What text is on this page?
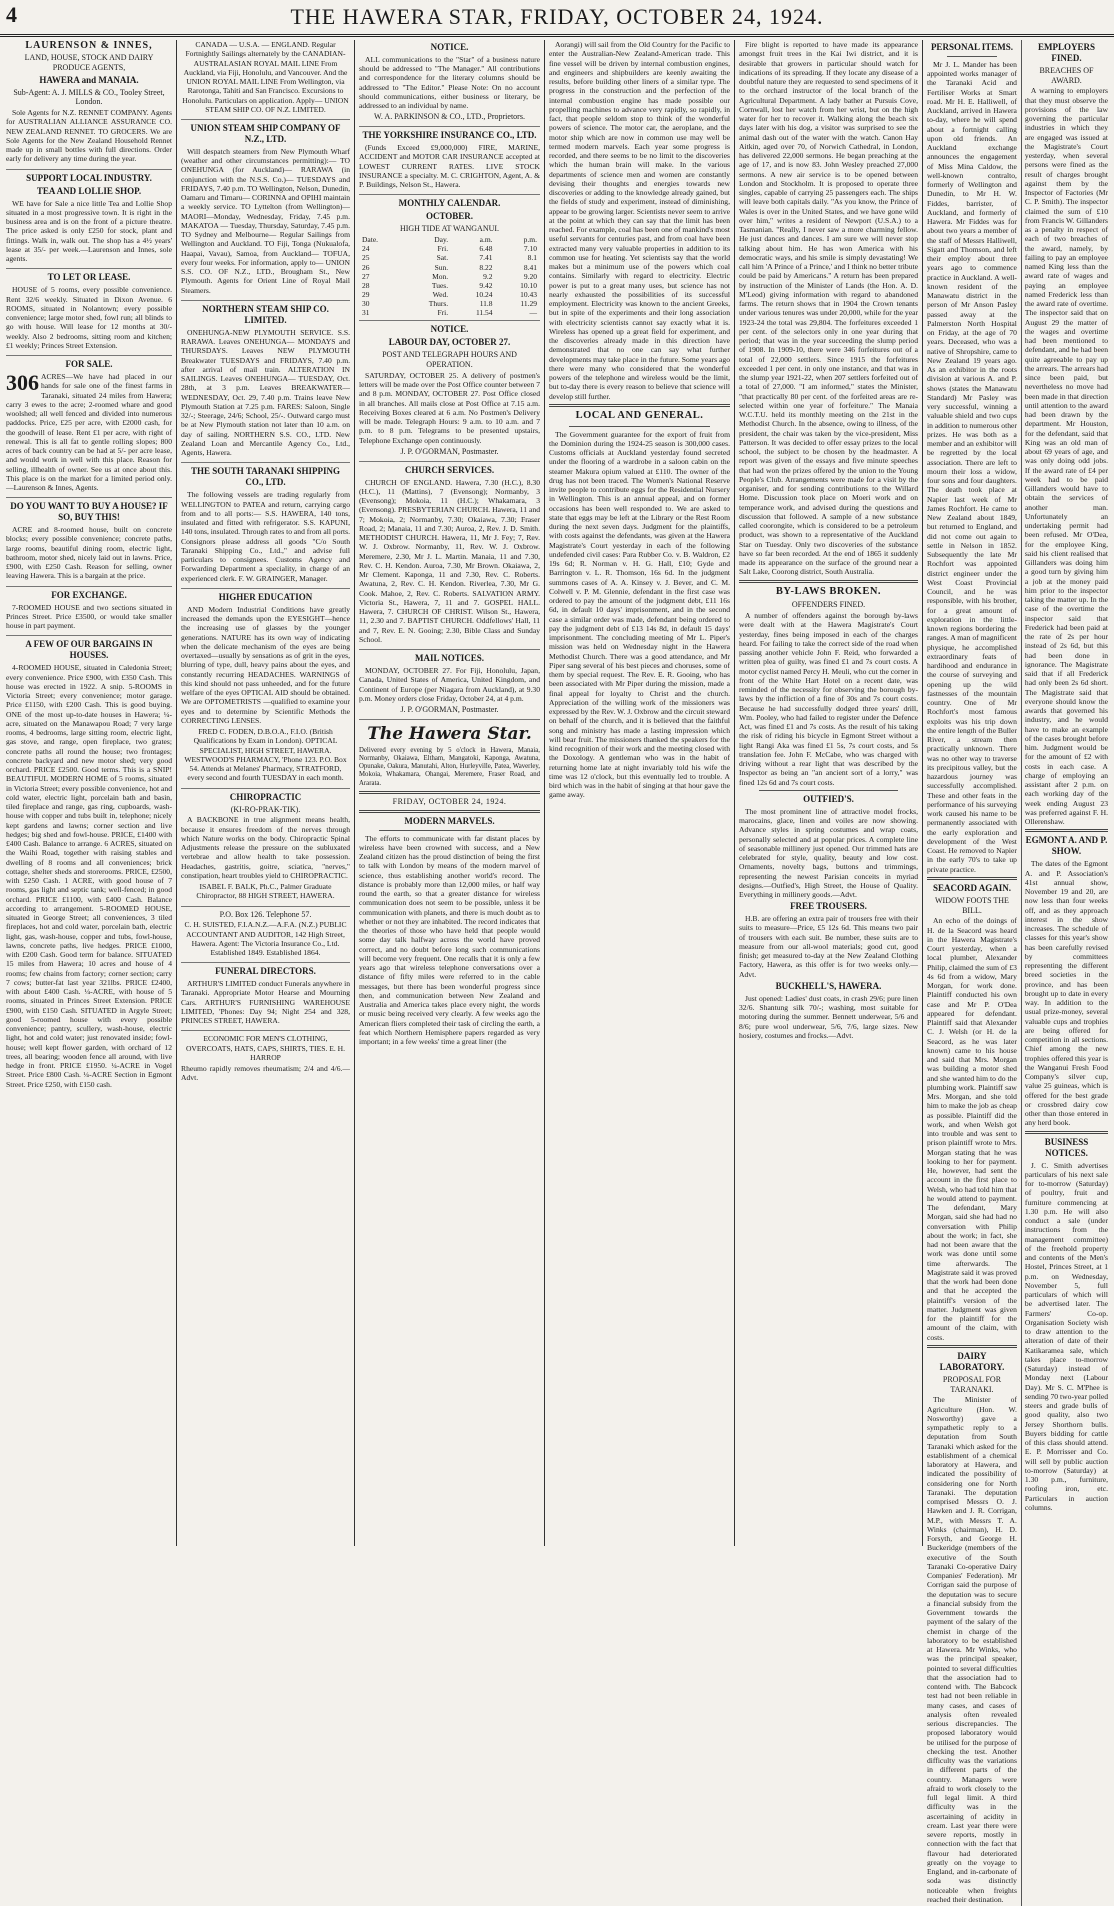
4	THE HAWERA STAR, FRIDAY, OCTOBER 24, 1924.
LAURENSON & INNES,
LAND, HOUSE, STOCK AND DAIRY PRODUCE AGENTS,
HAWERA and MANAIA.
Sub-Agent: A. J. MILLS & CO., Tooley Street, London.

Sole Agents for N.Z. RENNET COMPANY. Agents for AUSTRALIAN ALLIANCE ASSURANCE CO. NEW ZEALAND RENNET. TO GROCERS. We are Sole Agents for the New Zealand Household Rennet made up in small bottles with full directions. Order early for delivery any time during the year.

SUPPORT LOCAL INDUSTRY.
TEA AND LOLLIE SHOP.

WE have for Sale a nice little Tea and Lollie Shop situated in a most progressive town. It is right in the business area and is on the front of a picture theatre. The price asked is only £250 for stock, plant and fittings. Walk in, walk out. The shop has a 4½ years' lease at 35/- per week.—Laurenson and Innes, sole agents.

TO LET OR LEASE.

HOUSE of 5 rooms, every possible convenience. Rent 32/6 weekly. Situated in Dixon Avenue. 6 ROOMS, situated in Nolantown; every possible convenience; large motor shed, fowl run; all blinds to go with house. Will lease for 12 months at 30/- weekly. Also 2 bedrooms, sitting room and kitchen; £1 weekly; Princes Street Extension.

FOR SALE.
306 ACRES—We have had placed in our hands for sale one of the finest farms in Taranaki, situated 24 miles from Hawera; carry 3 ewes to the acre; 2-roomed whare and good woolshed; all well fenced and divided into numerous paddocks. Price, £25 per acre, with £2000 cash, for the goodwill of lease. Rent £1 per acre, with right of renewal. This is all fat to gentle rolling slopes; 800 acres of back country can be had at 5/- per acre lease, and would work in well with this place. Reason for selling, illhealth of owner. See us at once about this. This place is on the market for a limited period only.—Laurenson & Innes, Agents.

DO YOU WANT TO BUY A HOUSE? IF SO, BUY THIS!

ACRE and 8-roomed house, built on concrete blocks; every possible convenience; concrete paths, large rooms, beautiful dining room, electric light, bathroom, motor shed, nicely laid out in lawns. Price, £900, with £250 Cash. Reason for selling, owner leaving Hawera. This is a bargain at the price.

FOR EXCHANGE.

7-ROOMED HOUSE and two sections situated in Princes Street. Price £3500, or would take smaller house in part payment.

A FEW OF OUR BARGAINS IN HOUSES.

4-ROOMED HOUSE, situated in Caledonia Street; every convenience. Price £900, with £350 Cash. This house was erected in 1922. A snip. 5-ROOMS in Victoria Street; every convenience; motor garage. Price £1150, with £200 Cash. This is good buying. ONE of the most up-to-date houses in Hawera; ¼-acre, situated on the Manawapou Road; 7 very large rooms, 4 bedrooms, large sitting room, electric light, gas stove, and range, open fireplace, two grates; concrete paths all round the house; two frontages; concrete backyard and new motor shed; very good orchard. PRICE £2500. Good terms. This is a SNIP! BEAUTIFUL MODERN HOME of 5 rooms, situated in Victoria Street; every possible convenience, hot and cold water, electric light, porcelain bath and basin, tiled fireplace and range, gas ring, cupboards, wash-house with copper and tubs built in, telephone; nicely kept gardens and lawns; corner section and live hedges; big shed and fowl-house. PRICE, £1400 with £400 Cash. Balance to arrange. 6 ACRES, situated on the Waihi Road, together with raising stables and dwelling of 8 rooms and all conveniences; brick cottage, shelter sheds and storerooms. PRICE, £2500, with £250 Cash. 1 ACRE, with good house of 7 rooms, gas light and septic tank; well-fenced; in good orchard. PRICE £1100, with £400 Cash. Balance according to arrangement. 5-ROOMED HOUSE, situated in George Street; all conveniences, 3 tiled fireplaces, hot and cold water, porcelain bath, electric light, gas, wash-house, copper and tubs, fowl-house, lawns, concrete paths, live hedges. PRICE £1000, with £200 Cash. Good term for balance. SITUATED 15 miles from Hawera; 10 acres and house of 4 rooms; few chains from factory; corner section; carry 7 cows; butter-fat last year 321lbs. PRICE £2400, with about £400 Cash. ¼-ACRE, with house of 5 rooms, situated in Princes Street Extension. PRICE £900, with £150 Cash. SITUATED in Argyle Street; good 5-roomed house with every possible convenience; pantry, scullery, wash-house, electric light, hot and cold water; just renovated inside; fowl-house; well kept flower garden, with orchard of 12 trees, all bearing; wooden fence all around, with live hedge in front. PRICE £1950. ¼-ACRE in Vogel Street. Price £800 Cash. ¼-ACRE Section in Egmont Street. Price £250, with £150 cash.

CANADA — U.S.A. — ENGLAND. Regular Fortnightly Sailings alternately by the CANADIAN-AUSTRALASIAN ROYAL MAIL LINE From Auckland, via Fiji, Honolulu, and Vancouver. And the UNION ROYAL MAIL LINE From Wellington, via Rarotonga, Tahiti and San Francisco. Excursions to Honolulu. Particulars on application. Apply— UNION STEAM SHIP CO. OF N.Z. LIMITED.

UNION STEAM SHIP COMPANY OF N.Z., LTD.

Will despatch steamers from New Plymouth Wharf (weather and other circumstances permitting):— TO ONEHUNGA (for Auckland)— RARAWA (in conjunction with the N.S.S. Co.)— TUESDAYS and FRIDAYS, 7.40 p.m. TO Wellington, Nelson, Dunedin, Oamaru and Timaru— CORINNA and OPIHI maintain a weekly service. TO Lyttelton (from Wellington)— MAORI—Monday, Wednesday, Friday, 7.45 p.m. MAKATOA — Tuesday, Thursday, Saturday, 7.45 p.m. TO Sydney and Melbourne— Regular Sailings from Wellington and Auckland. TO Fiji, Tonga (Nukualofa, Haapai, Vavau), Samoa, from Auckland— TOFUA, every four weeks. For information, apply to— UNION S.S. CO. OF N.Z., LTD., Brougham St., New Plymouth. Agents for Orient Line of Royal Mail Steamers.

NORTHERN STEAM SHIP CO. LIMITED.

ONEHUNGA-NEW PLYMOUTH SERVICE. S.S. RARAWA. Leaves ONEHUNGA— MONDAYS and THURSDAYS. Leaves NEW PLYMOUTH Breakwater TUESDAYS and FRIDAYS, 7.40 p.m. after arrival of mail train. ALTERATION IN SAILINGS. Leaves ONEHUNGA— TUESDAY, Oct. 28th, at 3 p.m. Leaves BREAKWATER— WEDNESDAY, Oct. 29, 7.40 p.m. Trains leave New Plymouth Station at 7.25 p.m. FARES: Saloon, Single 32/-; Steerage, 24/6; School, 25/-. Outward cargo must be at New Plymouth station not later than 10 a.m. on day of sailing. NORTHERN S.S. CO., LTD. New Zealand Loan and Mercantile Agency Co., Ltd., Agents, Hawera.

THE SOUTH TARANAKI SHIPPING CO., LTD.

The following vessels are trading regularly from WELLINGTON to PATEA and return, carrying cargo from and to all ports:— S.S. HAWERA, 140 tons, insulated and fitted with refrigerator. S.S. KAPUNI, 140 tons, insulated. Through rates to and from all ports. Consignors please address all goods "C/o South Taranaki Shipping Co., Ltd.," and advise full particulars to consignees. Customs Agency and Forwarding Department a speciality, in charge of an experienced clerk. F. W. GRAINGER, Manager.

HIGHER EDUCATION

AND Modern Industrial Conditions have greatly increased the demands upon the EYESIGHT—hence the increasing use of glasses by the younger generations. NATURE has its own way of indicating when the delicate mechanism of the eyes are being overtaxed—usually by sensations as of grit in the eyes, blurring of type, dull, heavy pains about the eyes, and constantly recurring HEADACHES. WARNINGS of this kind should not pass unheeded, and for the future welfare of the eyes OPTICAL AID should be obtained. We are OPTOMETRISTS —qualified to examine your eyes and to determine by Scientific Methods the CORRECTING LENSES.

FRED C. FODEN, D.B.O.A., F.I.O. (British Qualifications by Exam in London). OPTICAL SPECIALIST, HIGH STREET, HAWERA. WESTWOOD'S PHARMACY, 'Phone 123. P.O. Box 54. Attends at Melanes' Pharmacy, STRATFORD, every second and fourth TUESDAY in each month.

CHIROPRACTIC
(KI-RO-PRAK-TIK).

A BACKBONE in true alignment means health, because it ensures freedom of the nerves through which Nature works on the body. Chiropractic Spinal Adjustments release the pressure on the subluxated vertebrae and allow health to take possession. Headaches, gastritis, goitre, sciatica, "nerves," constipation, heart troubles yield to CHIROPRACTIC.

ISABEL F. BALK, Ph.C., Palmer Graduate Chiropractor, 88 HIGH STREET, HAWERA.

P.O. Box 126. Telephone 57.

C. H. SUISTED, F.I.A.N.Z.—A.F.A. (N.Z.) PUBLIC ACCOUNTANT AND AUDITOR, 142 High Street, Hawera. Agent: The Victoria Insurance Co., Ltd. Established 1849. Established 1864.

FUNERAL DIRECTORS.

ARTHUR'S LIMITED conduct Funerals anywhere in Taranaki. Appropriate Motor Hearse and Mourning Cars. ARTHUR'S FURNISHING WAREHOUSE LIMITED, 'Phones: Day 94; Night 254 and 328, PRINCES STREET, HAWERA.

ECONOMIC FOR MEN'S CLOTHING, OVERCOATS, HATS, CAPS, SHIRTS, TIES. E. H. HARROP

Rheumo rapidly removes rheumatism; 2/4 and 4/6.—Advt.

NOTICE.

ALL communications to the "Star" of a business nature should be addressed to "The Manager." All contributions and correspondence for the literary columns should be addressed to "The Editor." Please Note: On no account should communications, either business or literary, be addressed to an individual by name.

W. A. PARKINSON & CO., LTD., Proprietors.
THE YORKSHIRE INSURANCE CO., LTD.

(Funds Exceed £9,000,000) FIRE, MARINE, ACCIDENT and MOTOR CAR INSURANCE accepted at LOWEST CURRENT RATES. LIVE STOCK INSURANCE a specialty. M. C. CRIGHTON, Agent, A. & P. Buildings, Nelson St., Hawera.

MONTHLY CALENDAR.
OCTOBER.
HIGH TIDE AT WANGANUI.
Date.	Day.	a.m.	p.m.
24	Fri.	6.48	7.10
25	Sat.	7.41	8.1
26	Sun.	8.22	8.41
27	Mon.	9.2	9.20
28	Tues.	9.42	10.10
29	Wed.	10.24	10.43
30	Thurs.	11.8	11.29
31	Fri.	11.54	—
NOTICE.
LABOUR DAY, OCTOBER 27.
POST AND TELEGRAPH HOURS AND OPERATION.

SATURDAY, OCTOBER 25. A delivery of postmen's letters will be made over the Post Office counter between 7 and 8 p.m. MONDAY, OCTOBER 27. Post Office closed in all branches. All mails close at Post Office at 7.15 a.m. Receiving Boxes cleared at 6 a.m. No Postmen's Delivery will be made. Telegraph Hours: 9 a.m. to 10 a.m. and 7 p.m. to 8 p.m. Telegrams to be presented upstairs, Telephone Exchange open continuously.

J. P. O'GORMAN, Postmaster.
CHURCH SERVICES.

CHURCH OF ENGLAND. Hawera, 7.30 (H.C.), 8.30 (H.C.), 11 (Mattins), 7 (Evensong); Normanby, 3 (Evensong); Mokoia, 11 (H.C.); Whakamara, 3 (Evensong). PRESBYTERIAN CHURCH. Hawera, 11 and 7; Mokoia, 2; Normanby, 7.30; Okaiawa, 7.30; Fraser Road, 2; Manaia, 11 and 7.30; Auroa, 2, Rev. J. D. Smith. METHODIST CHURCH. Hawera, 11, Mr J. Fey; 7, Rev. W. J. Oxbrow. Normanby, 11, Rev. W. J. Oxbrow. Meremere, 2.30, Mr J. L. Martin. Manaia, 11 and 7.30, Rev. C. H. Kendon. Auroa, 7.30, Mr Brown. Okaiawa, 2, Mr Clement. Kaponga, 11 and 7.30, Rev. C. Roberts. Awatuna, 2, Rev. C. H. Kendon. Riverlea, 7.30, Mr G. Cook. Mahoe, 2, Rev. C. Roberts. SALVATION ARMY. Victoria St., Hawera, 7, 11 and 7. GOSPEL HALL. Hawera, 7. CHURCH OF CHRIST. Wilson St., Hawera, 11, 2.30 and 7. BAPTIST CHURCH. Oddfellows' Hall, 11 and 7, Rev. E. N. Gooing; 2.30, Bible Class and Sunday School.

MAIL NOTICES.

MONDAY, OCTOBER 27. For Fiji, Honolulu, Japan, Canada, United States of America, United Kingdom, and Continent of Europe (per Niagara from Auckland), at 9.30 p.m. Money orders close Friday, October 24, at 4 p.m.

J. P. O'GORMAN, Postmaster.
The Hawera Star.

Delivered every evening by 5 o'clock in Hawera, Manaia, Normanby, Okaiawa, Eltham, Mangatoki, Kaponga, Awatuna, Opunake, Oakura, Manutahi, Alton, Hurleyville, Patea, Waverley, Mokoia, Whakamara, Ohangai, Meremere, Fraser Road, and Ararata.

FRIDAY, OCTOBER 24, 1924.
MODERN MARVELS.

The efforts to communicate with far distant places by wireless have been crowned with success, and a New Zealand citizen has the proud distinction of being the first to talk with London by means of the modern marvel of science, thus establishing another world's record. The distance is probably more than 12,000 miles, or half way round the earth, so that a greater distance for wireless communication does not seem to be possible, unless it be communication with planets, and there is much doubt as to whether or not they are inhabited. The record indicates that the theories of those who have held that people would some day talk halfway across the world have proved correct, and no doubt before long such communications will become very frequent. One recalls that it is only a few years ago that wireless telephone conversations over a distance of fifty miles were referred to in the cable messages, but there has been wonderful progress since then, and communication between New Zealand and Australia and America takes place every night, the words or music being received very clearly. A few weeks ago the American fliers completed their task of circling the earth, a feat which Northern Hemisphere papers regarded as very important; in a few weeks' time a great liner (the

Aorangi) will sail from the Old Country for the Pacific to enter the Australian-New Zealand-American trade. This fine vessel will be driven by internal combustion engines, and engineers and shipbuilders are keenly awaiting the results, before building other liners of a similar type. The progress in the construction and the perfection of the internal combustion engine has made possible our propelling machines to advance very rapidly, so rapidly, in fact, that people seldom stop to think of the wonderful powers of science. The motor car, the aeroplane, and the motor ship which are now in common use may well be termed modern marvels. Each year some progress is recorded, and there seems to be no limit to the discoveries which the human brain will make. In the various departments of science men and women are constantly devising their thoughts and energies towards new discoveries or adding to the knowledge already gained, but the fields of study and experiment, instead of diminishing, appear to be growing larger. Scientists never seem to arrive at the point at which they can say that the limit has been reached. For example, coal has been one of mankind's most useful servants for centuries past, and from coal have been extracted many very valuable properties in addition to its common use for heating. Yet scientists say that the world makes but a minimum use of the powers which coal contains. Similarly with regard to electricity. Electric power is put to a great many uses, but science has not nearly exhausted the possibilities of its successful employment. Electricity was known to the ancient Greeks, but in spite of the experiments and their long association with electricity scientists cannot say exactly what it is. Wireless has opened up a great field for experiment, and the discoveries already made in this direction have demonstrated that no one can say what further developments may take place in the future. Some years ago there were many who considered that the wonderful powers of the telephone and wireless would be the limit, but to-day there is every reason to believe that science will develop still further.

LOCAL AND GENERAL.

The Government guarantee for the export of fruit from the Dominion during the 1924-25 season is 300,000 cases. Customs officials at Auckland yesterday found secreted under the flooring of a wardrobe in a saloon cabin on the steamer Makura opium valued at £110. The owner of the drug has not been traced. The Women's National Reserve invite people to contribute eggs for the Residential Nursery in Wellington. This is an annual appeal, and on former occasions has been well responded to. We are asked to state that eggs may be left at the Library or the Rest Room during the next seven days. Judgment for the plaintiffs, with costs against the defendants, was given at the Hawera Magistrate's Court yesterday in each of the following undefended civil cases: Para Rubber Co. v. B. Waldron, £2 19s 6d; R. Norman v. H. G. Hall, £10; Gyde and Barrington v. L. R. Thomson, 16s 6d. In the judgment summons cases of A. A. Kinsey v. J. Bever, and C. M. Colwell v. P. M. Glennie, defendant in the first case was ordered to pay the amount of the judgment debt, £11 16s 6d, in default 10 days' imprisonment, and in the second case a similar order was made, defendant being ordered to pay the judgment debt of £13 14s 8d, in default 15 days' imprisonment. The concluding meeting of Mr L. Piper's mission was held on Wednesday night in the Hawera Methodist Church. There was a good attendance, and Mr Piper sang several of his best pieces and choruses, some of them by special request. The Rev. E. R. Gooing, who has been associated with Mr Piper during the mission, made a final appeal for loyalty to Christ and the church. Appreciation of the willing work of the missioners was expressed by the Rev. W. J. Oxbrow and the circuit steward on behalf of the church, and it is believed that the faithful song and ministry has made a lasting impression which will bear fruit. The missioners thanked the speakers for the kind recognition of their work and the meeting closed with the Doxology. A gentleman who was in the habit of returning home late at night invariably told his wife the time was 12 o'clock, but this eventually led to trouble. A bird which was in the habit of singing at that hour gave the game away.

Fire blight is reported to have made its appearance amongst fruit trees in the Kai Iwi district, and it is desirable that growers in particular should watch for indications of its spreading. If they locate any disease of a doubtful nature they are requested to send specimens of it to the orchard instructor of the local branch of the Agricultural Department. A lady bather at Pursuis Cove, Cornwall, lost her watch from her wrist, but on the high water for her to recover it. Walking along the beach six days later with his dog, a visitor was surprised to see the animal dash out of the water with the watch. Canon Hay Aitkin, aged over 70, of Norwich Cathedral, in London, has delivered 22,000 sermons. He began preaching at the age of 17, and is now 83. John Wesley preached 27,000 sermons. A new air service is to be opened between London and Stockholm. It is proposed to operate three singles, capable of carrying 25 passengers each. The ships will leave both capitals daily. "As you know, the Prince of Wales is over in the United States, and we have gone wild over him," writes a resident of Newport (U.S.A.) to a Tasmanian. "Really, I never saw a more charming fellow. He just dances and dances. I am sure we will never stop talking about him. He has won America with his democratic ways, and his smile is simply devastating! We call him 'A Prince of a Prince,' and I think no better tribute could be paid by Americans." A return has been prepared by instruction of the Minister of Lands (the Hon. A. D. M'Leod) giving information with regard to abandoned farms. The return shows that in 1904 the Crown tenants under various tenures was under 20,000, while for the year 1923-24 the total was 29,804. The forfeitures exceeded 1 per cent. of the selectors only in one year during that period; that was in the year succeeding the slump period of 1908. In 1909-10, there were 346 forfeitures out of a total of 22,000 settlers. Since 1915 the forfeitures exceeded 1 per cent. in only one instance, and that was in the slump year 1921-22, when 207 settlers forfeited out of a total of 27,000. "I am informed," states the Minister, "that practically 80 per cent. of the forfeited areas are re-selected within one year of forfeiture." The Manaia W.C.T.U. held its monthly meeting on the 21st in the Methodist Church. In the absence, owing to illness, of the president, the chair was taken by the vice-president, Miss Patterson. It was decided to offer essay prizes to the local school, the subject to be chosen by the headmaster. A report was given of the essays and five minute speeches that had won the prizes offered by the union to the Young People's Club. Arrangements were made for a visit by the organiser, and for sending contributions to the Willard Home. Discussion took place on Moeri work and on temperance work, and advised during the questions and discussion that followed. A sample of a new substance called coorongite, which is considered to be a petroleum product, was shown to a representative of the Auckland Star on Tuesday. Only two discoveries of the substance have so far been recorded. At the end of 1865 it suddenly made its appearance on the surface of the ground near a Salt Lake, Coorong district, South Australia.

BY-LAWS BROKEN.
OFFENDERS FINED.

A number of offenders against the borough by-laws were dealt with at the Hawera Magistrate's Court yesterday, fines being imposed in each of the charges heard. For failing to take the correct side of the road when passing another vehicle John F. Reid, who forwarded a written plea of guilty, was fined £1 and 7s court costs. A motor cyclist named Percy H. Meuli, who cut the corner in front of the White Hart Hotel on a recent date, was reminded of the necessity for observing the borough by-laws by the infliction of a fine of 30s and 7s court costs. Because he had successfully dodged three years' drill, Wm. Pooley, who had failed to register under the Defence Act, was fined £1 and 7s costs. As the result of his taking the risk of riding his bicycle in Egmont Street without a light Rangi Aka was fined £1 5s, 7s court costs, and 5s translation fee. John F. McCabe, who was charged with driving without a rear light that was described by the Inspector as being an "an ancient sort of a lorry," was fined 12s 6d and 7s court costs.

OUTFIED'S.

The most prominent line of attractive model frocks, marocains, glace, linen and voiles are now showing. Advance styles in spring costumes and wrap coats, personally selected and at popular prices. A complete line of seasonable millinery just opened. Our trimmed hats are celebrated for style, quality, beauty and low cost. Ornaments, novelty bags, buttons and trimmings, representing the newest Parisian conceits in myriad designs.—Outfied's, High Street, the House of Quality. Everything in millinery goods.—Advt.

FREE TROUSERS.

H.B. are offering an extra pair of trousers free with their suits to measure—Price, £5 12s 6d. This means two pair of trousers with each suit. Be number, these suits are to measure from our all-wool materials; good cut, good finish; get measured to-day at the New Zealand Clothing Factory, Hawera, as this offer is for two weeks only.—Advt.

BUCKHELL'S, HAWERA.

Just opened: Ladies' dust coats, in crash 29/6; pure linen 32/6. Shantung silk 70/-; washing, most suitable for motoring during the summer. Bennett underwear, 5/6 and 8/6; pure wool underwear, 5/6, 7/6, large sizes. New hosiery, costumes and frocks.—Advt.

PERSONAL ITEMS.

Mr J. L. Mander has been appointed works manager of the Taranaki Acid and Fertiliser Works at Smart road. Mr H. E. Halliwell, of Auckland, arrived in Hawera to-day, where he will spend about a fortnight calling upon old friends. An Auckland exchange announces the engagement of Miss Mina Caldow, the well-known contralto, formerly of Wellington and Dunedin, to Mr H. W. Fiddes, barrister, of Auckland, and formerly of Hawera. Mr Fiddes was for about two years a member of the staff of Messrs Halliwell, Sigatt and Thomson, and left their employ about three years ago to commence practice in Auckland. A well-known resident of the Manawatu district in the person of Mr Anson Pasley passed away at the Palmerston North Hospital on Friday, at the age of 70 years. Deceased, who was a native of Shropshire, came to New Zealand 19 years ago. As an exhibitor in the roots division at various A. and P. shows (states the Manawatu Standard) Mr Pasley was very successful, winning a valuable shield and two cups in addition to numerous other prizes. He was both as a member and an exhibitor will be regretted by the local association. There are left to mourn their loss a widow, four sons and four daughters. The death took place at Napier last week of Mr James Rochfort. He came to New Zealand about 1849, but returned to England, and did not come out again to settle in Nelson in 1852. Subsequently the late Mr Rochfort was appointed district engineer under the West Coast Provincial Council, and he was responsible, with his brother, for a great amount of exploration in the little-known regions bordering the ranges. A man of magnificent physique, he accomplished extraordinary feats of hardihood and endurance in the course of surveying and opening up the wild fastnesses of the mountain country. One of Mr Rochfort's most famous exploits was his trip down the entire length of the Buller River, a stream then practically unknown. There was no other way to traverse its precipitous valley, but the hazardous journey was successfully accomplished. These and other feats in the performance of his surveying work caused his name to be permanently associated with the early exploration and development of the West Coast. He removed to Napier in the early 70's to take up private practice.

SEACORD AGAIN.
WIDOW FOOTS THE BILL.

An echo of the doings of H. de la Seacord was heard in the Hawera Magistrate's Court yesterday, when a local plumber, Alexander Philip, claimed the sum of £3 4s 6d from a widow, Mary Morgan, for work done. Plaintiff conducted his own case and Mr P. O'Dea appeared for defendant. Plaintiff said that Alexander C. J. Welsh (or H. de la Seacord, as he was later known) came to his house and said that Mrs. Morgan was building a motor shed and she wanted him to do the plumbing work. Plaintiff saw Mrs. Morgan, and she told him to make the job as cheap as possible. Plaintiff did the work, and when Welsh got into trouble and was sent to prison plaintiff wrote to Mrs. Morgan stating that he was looking to her for payment. He, however, had sent the account in the first place to Welsh, who had told him that he would attend to payment. The defendant, Mary Morgan, said she had had no conversation with Philip about the work; in fact, she had not been aware that the work was done until some time afterwards. The Magistrate said it was proved that the work had been done and that he accepted the plaintiff's version of the matter. Judgment was given for the plaintiff for the amount of the claim, with costs.

DAIRY LABORATORY.
PROPOSAL FOR TARANAKI.

The Minister of Agriculture (Hon. W. Nosworthy) gave a sympathetic reply to a deputation from South Taranaki which asked for the establishment of a chemical laboratory at Hawera, and indicated the possibility of considering one for North Taranaki. The deputation comprised Messrs O. J. Hawken and J. R. Corrigan, M.P., with Messrs T. A. Winks (chairman), H. D. Forsyth, and George H. Buckeridge (members of the executive of the South Taranaki Co-operative Dairy Companies' Federation). Mr Corrigan said the purpose of the deputation was to secure a financial subsidy from the Government towards the payment of the salary of the chemist in charge of the laboratory to be established at Hawera. Mr Winks, who was the principal speaker, pointed to several difficulties that the association had to contend with. The Babcock test had not been reliable in many cases, and cases of analysis often revealed serious discrepancies. The proposed laboratory would be utilised for the purpose of checking the test. Another difficulty was the variations in different parts of the country. Managers were afraid to work closely to the full legal limit. A third difficulty was in the ascertaining of acidity in cream. Last year there were severe reports, mostly in connection with the fact that flavour had deteriorated greatly on the voyage to England, and in-carbonate of soda was distinctly noticeable when freights reached their destination.

EMPLOYERS FINED.
BREACHES OF AWARD.

A warning to employers that they must observe the provisions of the law governing the particular industries in which they are engaged was issued at the Magistrate's Court yesterday, when several persons were fined as the result of charges brought against them by the Inspector of Factories (Mr C. P. Smith). The inspector claimed the sum of £10 from Francis W. Gillanders as a penalty in respect of each of two breaches of the award, namely, by failing to pay an employee named King less than the award rate of wages and paying an employee named Frederick less than the award rate of overtime. The inspector said that on August 29 the matter of the wages and overtime had been mentioned to defendant, and he had been quite agreeable to pay up the arrears. The arrears had since been paid, but nevertheless no move had been made in that direction until attention to the award had been drawn by the department. Mr Houston, for the defendant, said that King was an old man of about 69 years of age, and was only doing odd jobs. If the award rate of £4 per week had to be paid Gillanders would have to obtain the services of another man. Unfortunately an undertaking permit had been refused. Mr O'Dea, for the employee King, said his client realised that Gillanders was doing him a good turn by giving him a job at the money paid him prior to the inspector taking the matter up. In the case of the overtime the inspector said that Frederick had been paid at the rate of 2s per hour instead of 2s 6d, but this had been done in ignorance. The Magistrate said that if all Frederick had only been 2s 6d short. The Magistrate said that everyone should know the awards that governed his industry, and he would have to make an example of the cases brought before him. Judgment would be for the amount of £2 with costs in each case. A charge of employing an assistant after 2 p.m. on each working day of the week ending August 23 was preferred against F. H. Ollerenshaw.

EGMONT A. AND P. SHOW.

The dates of the Egmont A. and P. Association's 41st annual show, November 19 and 20, are now less than four weeks off, and as they approach interest in the show increases. The schedule of classes for this year's show has been carefully revised by committees representing the different breed societies in the province, and has been brought up to date in every way. In addition to the usual prize-money, several valuable cups and trophies are being offered for competition in all sections. Chief among the new trophies offered this year is the Wanganui Fresh Food Company's silver cup, value 25 guineas, which is offered for the best grade or crossbred dairy cow other than those entered in any herd book.

BUSINESS NOTICES.

J. C. Smith advertises particulars of his next sale for to-morrow (Saturday) of poultry, fruit and furniture commencing at 1.30 p.m. He will also conduct a sale (under instructions from the management committee) of the freehold property and contents of the Men's Hostel, Princes Street, at 1 p.m. on Wednesday, November 5, full particulars of which will be advertised later. The Farmers' Co-op. Organisation Society wish to draw attention to the alteration of date of their Katikaramea sale, which takes place to-morrow (Saturday) instead of Monday next (Labour Day). Mr S. C. M'Phee is sending 70 two-year polled steers and grade bulls of good quality, also two Jersey Shorthorn bulls. Buyers bidding for cattle of this class should attend. E. P. Morrisser and Co. will sell by public auction to-morrow (Saturday) at 1.30 p.m., furniture, roofing iron, etc. Particulars in auction columns.
